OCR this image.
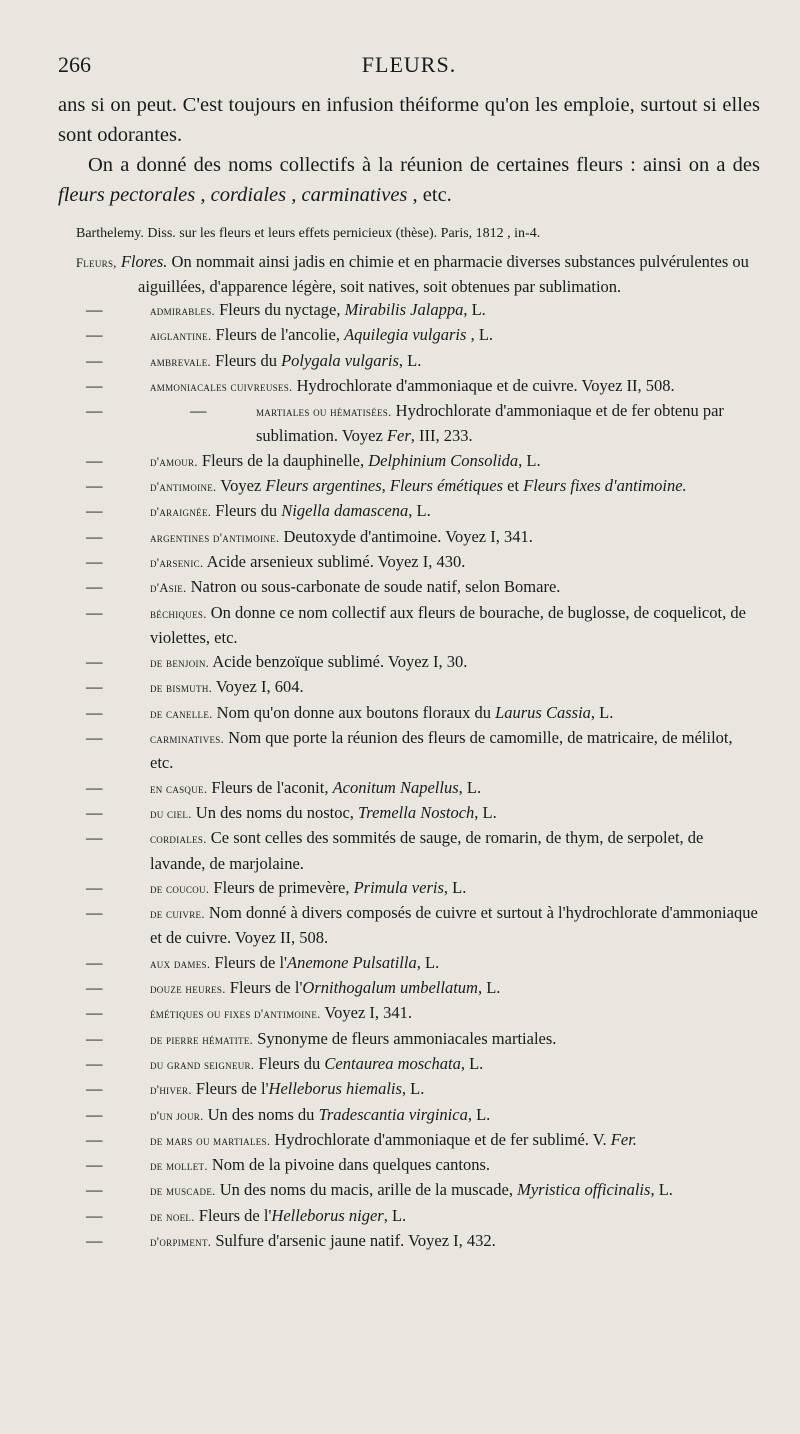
266	FLEURS.

ans si on peut. C'est toujours en infusion théiforme qu'on les emploie, surtout si elles sont odorantes.

On a donné des noms collectifs à la réunion de certaines fleurs : ainsi on a des fleurs pectorales , cordiales , carminatives , etc.

Barthelemy. Diss. sur les fleurs et leurs effets pernicieux (thèse). Paris, 1812 , in-4.
Fleurs, Flores. On nommait ainsi jadis en chimie et en pharmacie diverses substances pulvérulentes ou aiguillées, d'apparence légère, soit natives, soit obtenues par sublimation.
—	admirables. Fleurs du nyctage, Mirabilis Jalappa, L.
—	aiglantine. Fleurs de l'ancolie, Aquilegia vulgaris , L.
—	ambrevale. Fleurs du Polygala vulgaris, L.
—	ammoniacales cuivreuses. Hydrochlorate d'ammoniaque et de cuivre. Voyez II, 508.
—	—	martiales ou hématisées. Hydrochlorate d'ammoniaque et de fer obtenu par sublimation. Voyez Fer, III, 233.
—	d'amour. Fleurs de la dauphinelle, Delphinium Consolida, L.
—	d'antimoine. Voyez Fleurs argentines, Fleurs émétiques et Fleurs fixes d'antimoine.
—	d'araignée. Fleurs du Nigella damascena, L.
—	argentines d'antimoine. Deutoxyde d'antimoine. Voyez I, 341.
—	d'arsenic. Acide arsenieux sublimé. Voyez I, 430.
—	d'Asie. Natron ou sous-carbonate de soude natif, selon Bomare.
—	béchiques. On donne ce nom collectif aux fleurs de bourache, de buglosse, de coquelicot, de violettes, etc.
—	de benjoin. Acide benzoïque sublimé. Voyez I, 30.
—	de bismuth. Voyez I, 604.
—	de canelle. Nom qu'on donne aux boutons floraux du Laurus Cassia, L.
—	carminatives. Nom que porte la réunion des fleurs de camomille, de matricaire, de mélilot, etc.
—	en casque. Fleurs de l'aconit, Aconitum Napellus, L.
—	du ciel. Un des noms du nostoc, Tremella Nostoch, L.
—	cordiales. Ce sont celles des sommités de sauge, de romarin, de thym, de serpolet, de lavande, de marjolaine.
—	de coucou. Fleurs de primevère, Primula veris, L.
—	de cuivre. Nom donné à divers composés de cuivre et surtout à l'hydrochlorate d'ammoniaque et de cuivre. Voyez II, 508.
—	aux dames. Fleurs de l'Anemone Pulsatilla, L.
—	douze heures. Fleurs de l'Ornithogalum umbellatum, L.
—	émétiques ou fixes d'antimoine. Voyez I, 341.
—	de pierre hématite. Synonyme de fleurs ammoniacales martiales.
—	du grand seigneur. Fleurs du Centaurea moschata, L.
—	d'hiver. Fleurs de l'Helleborus hiemalis, L.
—	d'un jour. Un des noms du Tradescantia virginica, L.
—	de mars ou martiales. Hydrochlorate d'ammoniaque et de fer sublimé. V. Fer.
—	de mollet. Nom de la pivoine dans quelques cantons.
—	de muscade. Un des noms du macis, arille de la muscade, Myristica officinalis, L.
—	de noel. Fleurs de l'Helleborus niger, L.
—	d'orpiment. Sulfure d'arsenic jaune natif. Voyez I, 432.
